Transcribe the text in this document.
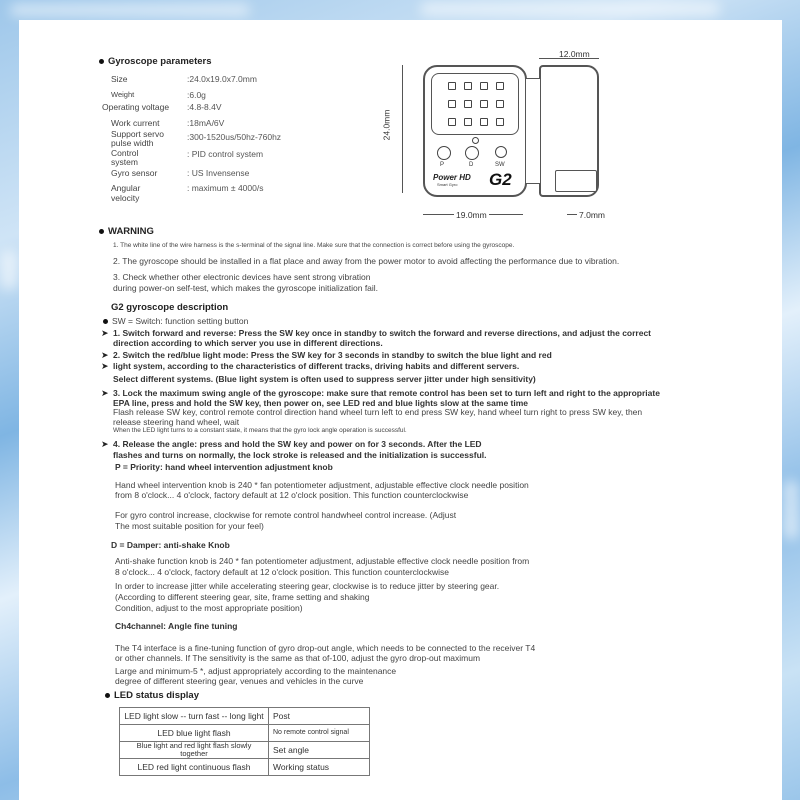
Gyroscope parameters
Size	:24.0x19.0x7.0mm
Weight	:6.0g
Operating voltage :4.8-8.4V
Work current	:18mA/6V
Support servo pulse width
:300-1520us/50hz-760hz
Control system
: PID control system
Gyro sensor	: US Invensense
Angular velocity
: maximum ± 4000/s
P	D	SW
Power HD
Smart Gyro G2
12.0mm
24.0mm
19.0mm	7.0mm
WARNING
1. The white line of the wire harness is the s-terminal of the signal line. Make sure that the connection is correct before using the gyroscope.
2. The gyroscope should be installed in a flat place and away from the power motor to avoid affecting the performance due to vibration.
3. Check whether other electronic devices have sent strong vibration
during power-on self-test, which makes the gyroscope initialization fail.
G2 gyroscope description
SW = Switch: function setting button
➤ 1. Switch forward and reverse: Press the SW key once in standby to switch the forward and reverse directions, and adjust the correct
direction according to which server you use in different directions.
➤ 2. Switch the red/blue light mode: Press the SW key for 3 seconds in standby to switch the blue light and red
➤ light system, according to the characteristics of different tracks, driving habits and different servers.
Select different systems. (Blue light system is often used to suppress server jitter under high sensitivity)
➤ 3. Lock the maximum swing angle of the gyroscope: make sure that remote control has been set to turn left and right to the appropriate
EPA line, press and hold the SW key, then power on, see LED red and blue lights slow at the same time
Flash release SW key, control remote control direction hand wheel turn left to end press SW key, hand wheel turn right to press SW key, then
release steering hand wheel, wait
When the LED light turns to a constant state, it means that the gyro lock angle operation is successful.
➤ 4. Release the angle: press and hold the SW key and power on for 3 seconds. After the LED
flashes and turns on normally, the lock stroke is released and the initialization is successful.
P = Priority: hand wheel intervention adjustment knob
Hand wheel intervention knob is 240 * fan potentiometer adjustment, adjustable effective clock needle position
from 8 o'clock... 4 o'clock, factory default at 12 o'clock position. This function counterclockwise
For gyro control increase, clockwise for remote control handwheel control increase. (Adjust
The most suitable position for your feel)
D = Damper: anti-shake Knob
Anti-shake function knob is 240 * fan potentiometer adjustment, adjustable effective clock needle position from
8 o'clock... 4 o'clock, factory default at 12 o'clock position. This function counterclockwise
In order to increase jitter while accelerating steering gear, clockwise is to reduce jitter by steering gear.
(According to different steering gear, site, frame setting and shaking
Condition, adjust to the most appropriate position)
Ch4channel: Angle fine tuning
The T4 interface is a fine-tuning function of gyro drop-out angle, which needs to be connected to the receiver T4
or other channels. If The sensitivity is the same as that of-100, adjust the gyro drop-out maximum
Large and minimum-5 *, adjust appropriately according to the maintenance
degree of different steering gear, venues and vehicles in the curve
LED status display
LED light slow -- turn fast -- long light	Post
LED blue light flash	No remote control signal
Blue light and red light flash slowly together	Set angle
LED red light continuous flash	Working status
